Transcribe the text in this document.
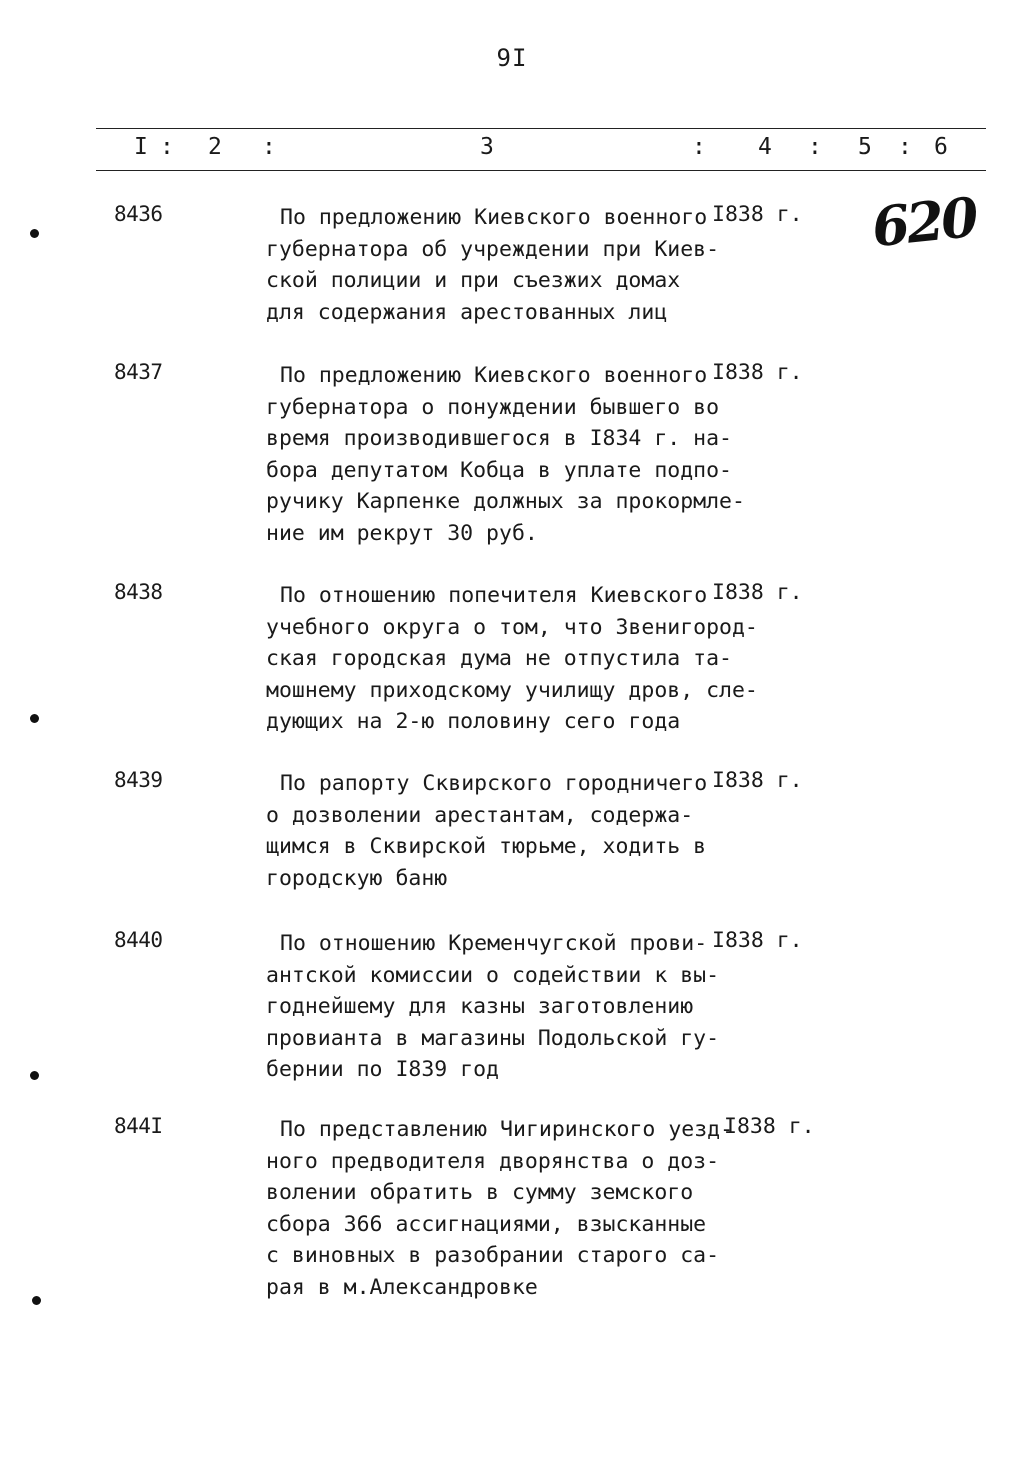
9I
I : 2 :	3	: 4 : 5 : 6
620
8436	По предложению Киевского военного
губернатора об учреждении при Киев-
ской полиции и при съезжих домах
для содержания арестованных лиц
I838 г.
8437	По предложению Киевского военного
губернатора о понуждении бывшего во
время производившегося в I834 г. на-
бора депутатом Кобца в уплате подпо-
ручику Карпенке должных за прокормле-
ние им рекрут 30 руб.
I838 г.
8438	По отношению попечителя Киевского
учебного округа о том, что Звенигород-
ская городская дума не отпустила та-
мошнему приходскому училищу дров, сле-
дующих на 2-ю половину сего года
I838 г.
8439	По рапорту Сквирского городничего
о дозволении арестантам, содержа-
щимся в Сквирской тюрьме, ходить в
городскую баню
I838 г.
8440	По отношению Кременчугской прови-
антской комиссии о содействии к вы-
годнейшему для казны заготовлению
провианта в магазины Подольской гу-
бернии по I839 год
I838 г.
844I	По представлению Чигиринского уезд-
ного предводителя дворянства о доз-
волении обратить в сумму земского
сбора 366 ассигнациями, взысканные
с виновных в разобрании старого са-
рая в м.Александровке
I838 г.
